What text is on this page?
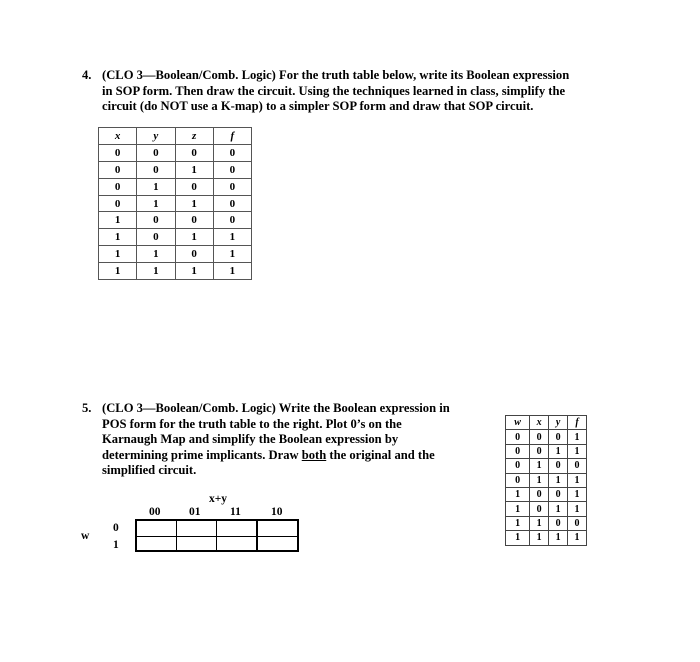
4. (CLO 3—Boolean/Comb. Logic) For the truth table below, write its Boolean expression
in SOP form. Then draw the circuit. Using the techniques learned in class, simplify the
circuit (do NOT use a K-map) to a simpler SOP form and draw that SOP circuit.
x	y	z	f
0	0	0	0
0	0	1	0
0	1	0	0
0	1	1	0
1	0	0	0
1	0	1	1
1	1	0	1
1	1	1	1
5. (CLO 3—Boolean/Comb. Logic) Write the Boolean expression in
POS form for the truth table to the right. Plot 0’s on the
Karnaugh Map and simplify the Boolean expression by
determining prime implicants. Draw both the original and the
simplified circuit.
x+y
00 01	11	10
w
0
1
w	x	y	f
0	0	0	1
0	0	1	1
0	1	0	0
0	1	1	1
1	0	0	1
1	0	1	1
1	1	0	0
1	1	1	1
